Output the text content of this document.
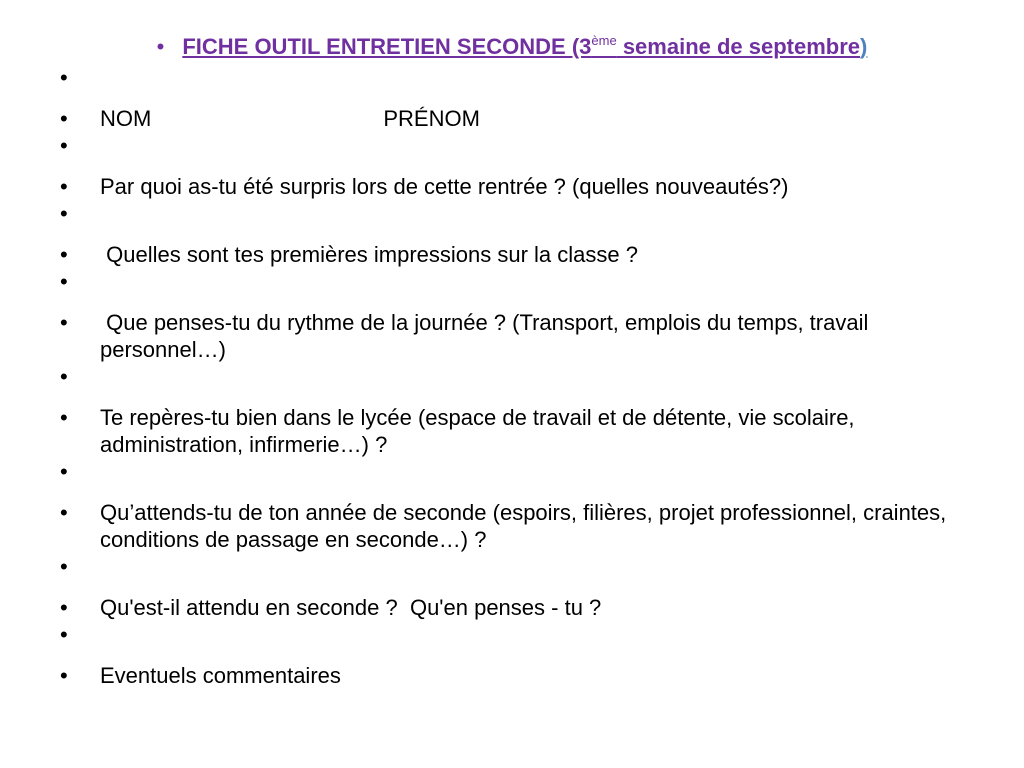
• FICHE OUTIL ENTRETIEN SECONDE (3ème semaine de septembre)
•
• NOM	PRÉNOM
•
• Par quoi as-tu été surpris lors de cette rentrée ? (quelles nouveautés?)
•
• Quelles sont tes premières impressions sur la classe ?
•
• Que penses-tu du rythme de la journée ? (Transport, emplois du temps, travail personnel…)
•
• Te repères-tu bien dans le lycée (espace de travail et de détente, vie scolaire, administration, infirmerie…) ?
•
• Qu’attends-tu de ton année de seconde (espoirs, filières, projet professionnel, craintes, conditions de passage en seconde…) ?
•
• Qu'est-il attendu en seconde ?  Qu'en penses - tu ?
•
• Eventuels commentaires
